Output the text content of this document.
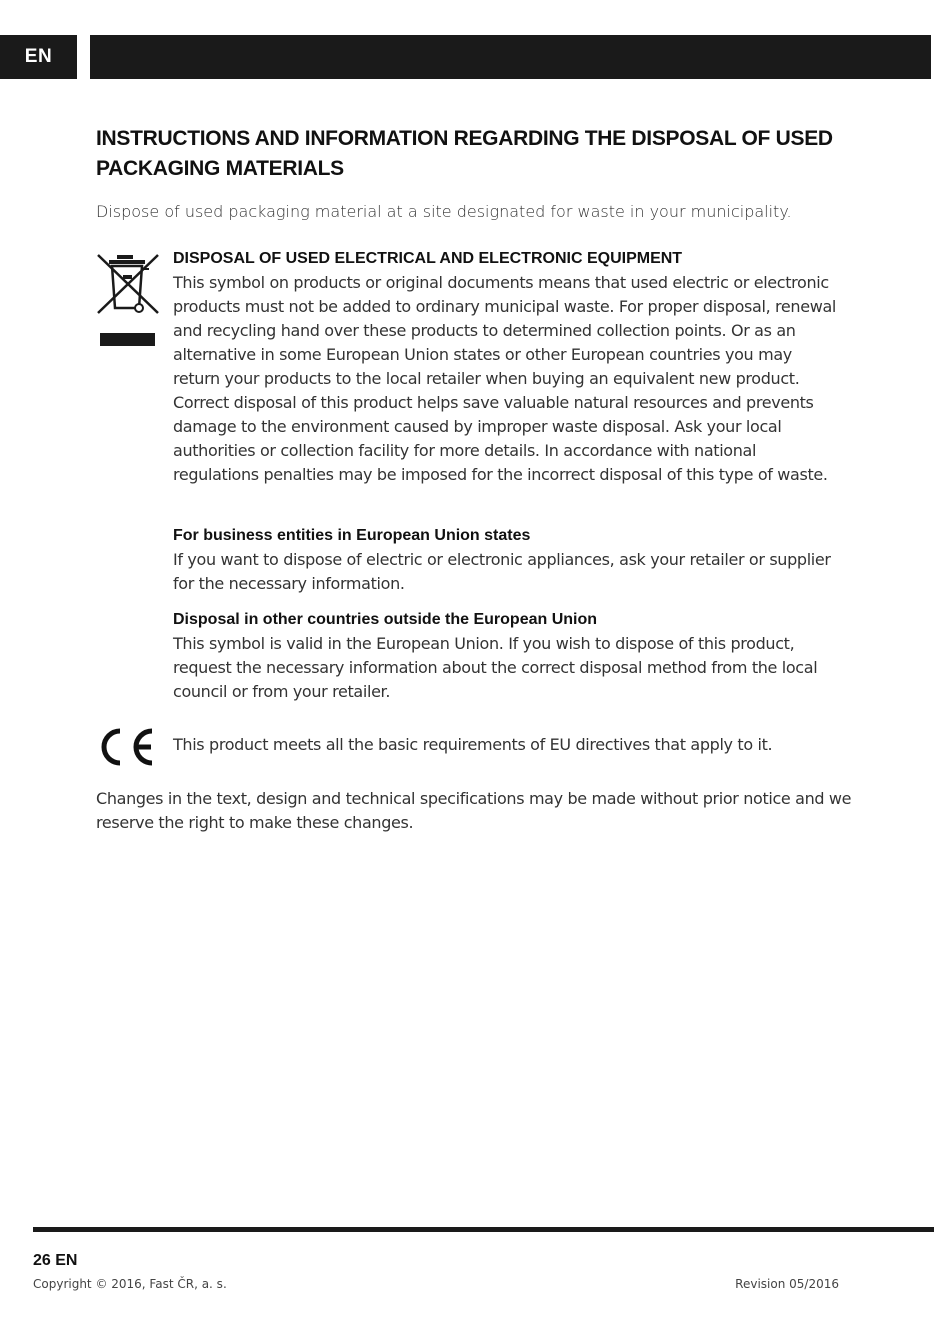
EN
INSTRUCTIONS AND INFORMATION REGARDING THE DISPOSAL OF USED PACKAGING MATERIALS

Dispose of used packaging material at a site designated for waste in your municipality.

DISPOSAL OF USED ELECTRICAL AND ELECTRONIC EQUIPMENT

This symbol on products or original documents means that used electric or electronic products must not be added to ordinary municipal waste. For proper disposal, renewal and recycling hand over these products to determined collection points. Or as an alternative in some European Union states or other European countries you may return your products to the local retailer when buying an equivalent new product. Correct disposal of this product helps save valuable natural resources and prevents damage to the environment caused by improper waste disposal. Ask your local authorities or collection facility for more details. In accordance with national regulations penalties may be imposed for the incorrect disposal of this type of waste.

For business entities in European Union states

If you want to dispose of electric or electronic appliances, ask your retailer or supplier for the necessary information.

Disposal in other countries outside the European Union

This symbol is valid in the European Union. If you wish to dispose of this product, request the necessary information about the correct disposal method from the local council or from your retailer.

This product meets all the basic requirements of EU directives that apply to it.

Changes in the text, design and technical specifications may be made without prior notice and we reserve the right to make these changes.

26 EN
Copyright © 2016, Fast ČR, a. s.	Revision 05/2016
